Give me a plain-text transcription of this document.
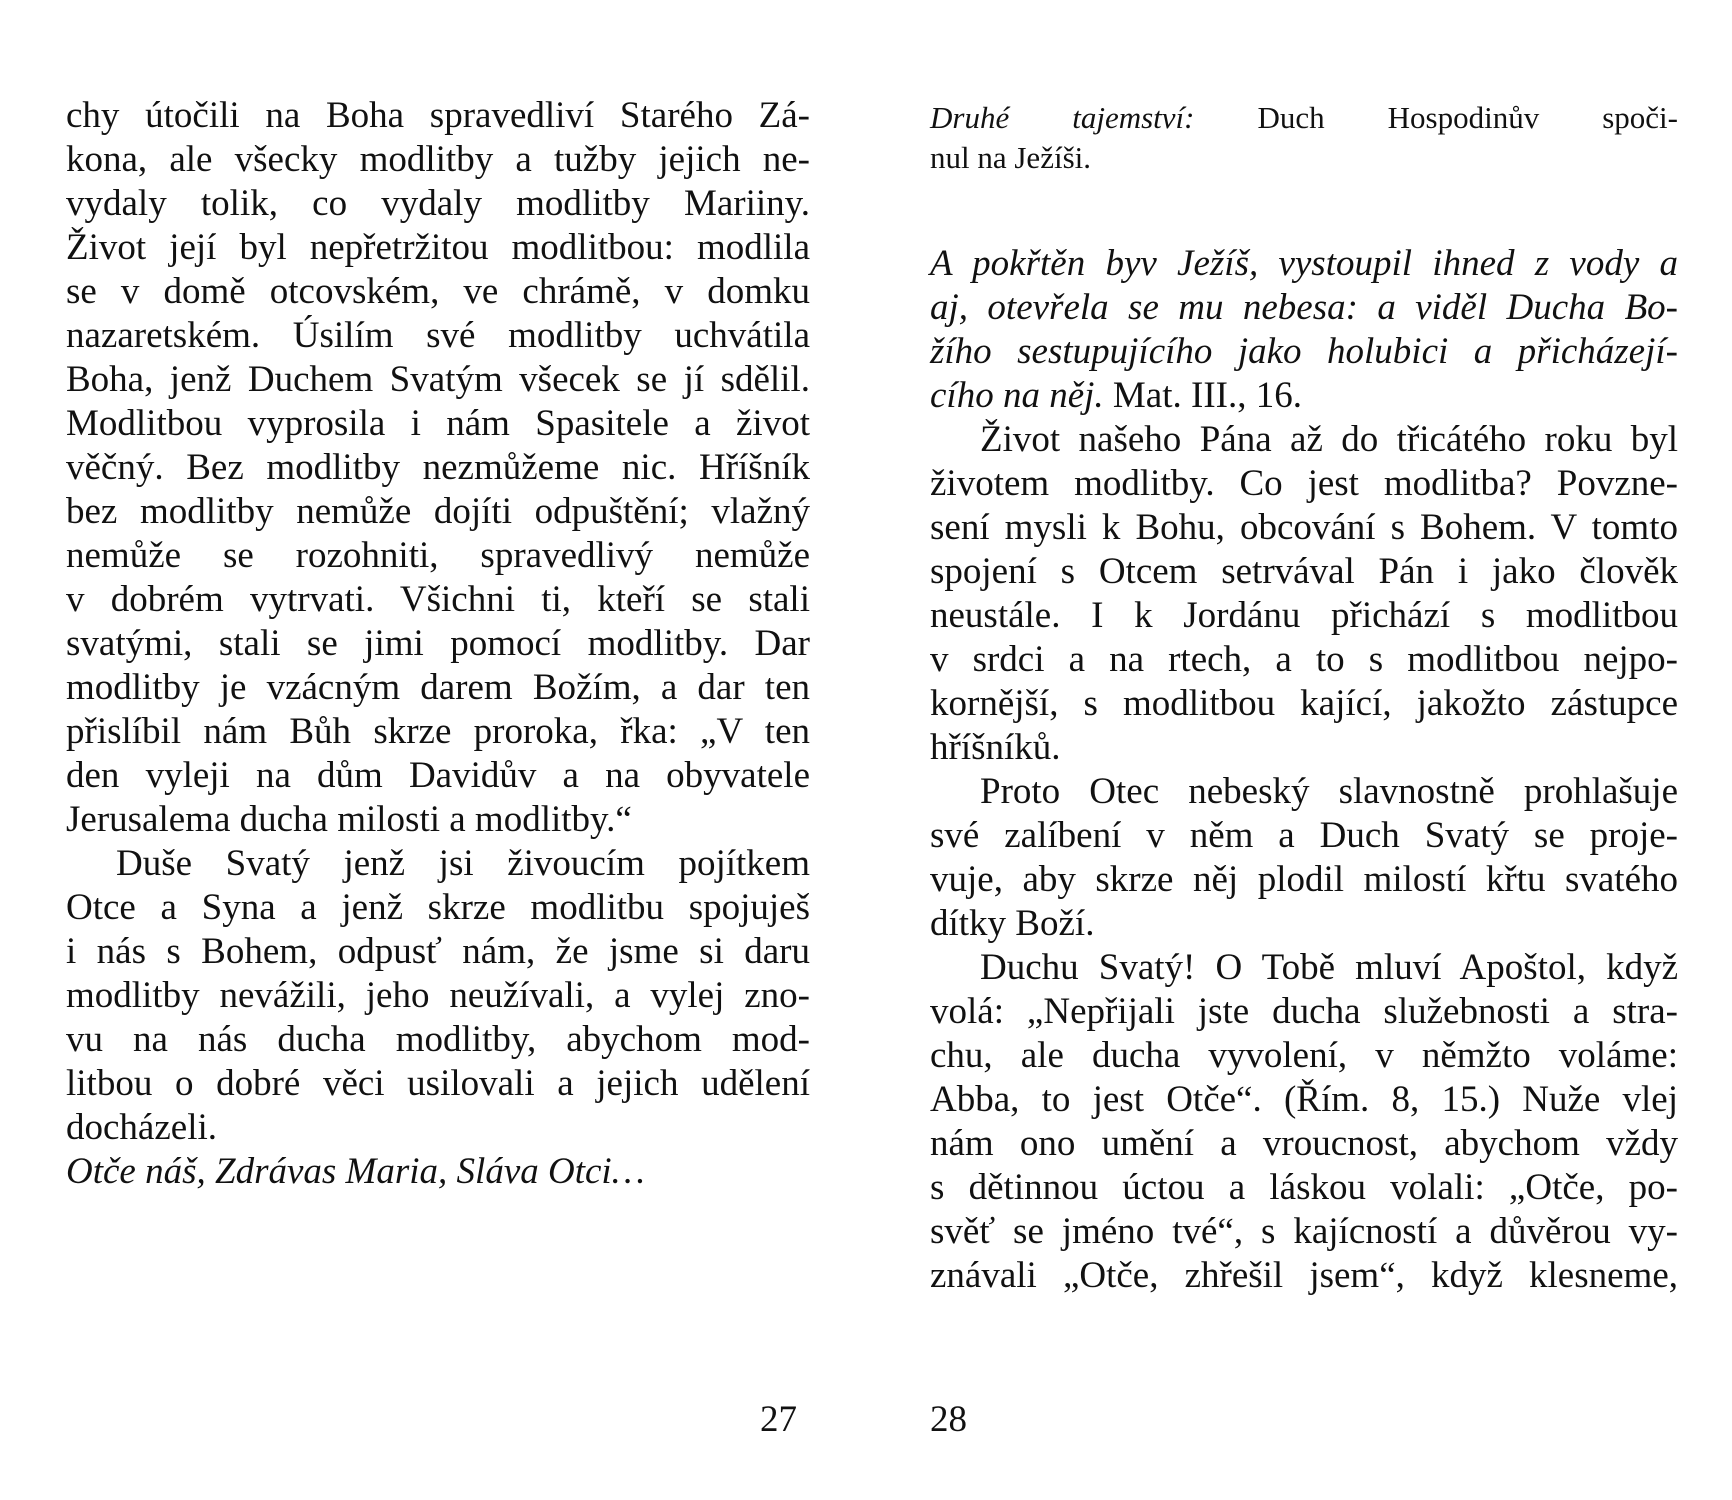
chy útočili na Boha spravedliví Starého Zá-
kona, ale všecky modlitby a tužby jejich ne-
vydaly tolik, co vydaly modlitby Mariiny.
Život její byl nepřetržitou modlitbou: modlila
se v domě otcovském, ve chrámě, v domku
nazaretském. Úsilím své modlitby uchvátila
Boha, jenž Duchem Svatým všecek se jí sdělil.
Modlitbou vyprosila i nám Spasitele a život
věčný. Bez modlitby nezmůžeme nic. Hříšník
bez modlitby nemůže dojíti odpuštění; vlažný
nemůže se rozohniti, spravedlivý nemůže
v dobrém vytrvati. Všichni ti, kteří se stali
svatými, stali se jimi pomocí modlitby. Dar
modlitby je vzácným darem Božím, a dar ten
přislíbil nám Bůh skrze proroka, řka: „V ten
den vyleji na dům Davidův a na obyvatele
Jerusalema ducha milosti a modlitby.“
Duše Svatý jenž jsi živoucím pojítkem
Otce a Syna a jenž skrze modlitbu spojuješ
i nás s Bohem, odpusť nám, že jsme si daru
modlitby nevážili, jeho neužívali, a vylej zno-
vu na nás ducha modlitby, abychom mod-
litbou o dobré věci usilovali a jejich udělení
docházeli.
Otče náš, Zdrávas Maria, Sláva Otci…
27
Druhé tajemství: Duch Hospodinův spoči-
nul na Ježíši.
A pokřtěn byv Ježíš, vystoupil ihned z vody a
aj, otevřela se mu nebesa: a viděl Ducha Bo-
žího sestupujícího jako holubici a přicházejí-
cího na něj. Mat. III., 16.
Život našeho Pána až do třicátého roku byl
životem modlitby. Co jest modlitba? Povzne-
sení mysli k Bohu, obcování s Bohem. V tomto
spojení s Otcem setrvával Pán i jako člověk
neustále. I k Jordánu přichází s modlitbou
v srdci a na rtech, a to s modlitbou nejpo-
kornější, s modlitbou kající, jakožto zástupce
hříšníků.
Proto Otec nebeský slavnostně prohlašuje
své zalíbení v něm a Duch Svatý se proje-
vuje, aby skrze něj plodil milostí křtu svatého
dítky Boží.
Duchu Svatý! O Tobě mluví Apoštol, když
volá: „Nepřijali jste ducha služebnosti a stra-
chu, ale ducha vyvolení, v němžto voláme:
Abba, to jest Otče“. (Řím. 8, 15.) Nuže vlej
nám ono umění a vroucnost, abychom vždy
s dětinnou úctou a láskou volali: „Otče, po-
svěť se jméno tvé“, s kajícností a důvěrou vy-
znávali „Otče, zhřešil jsem“, když klesneme,
28
